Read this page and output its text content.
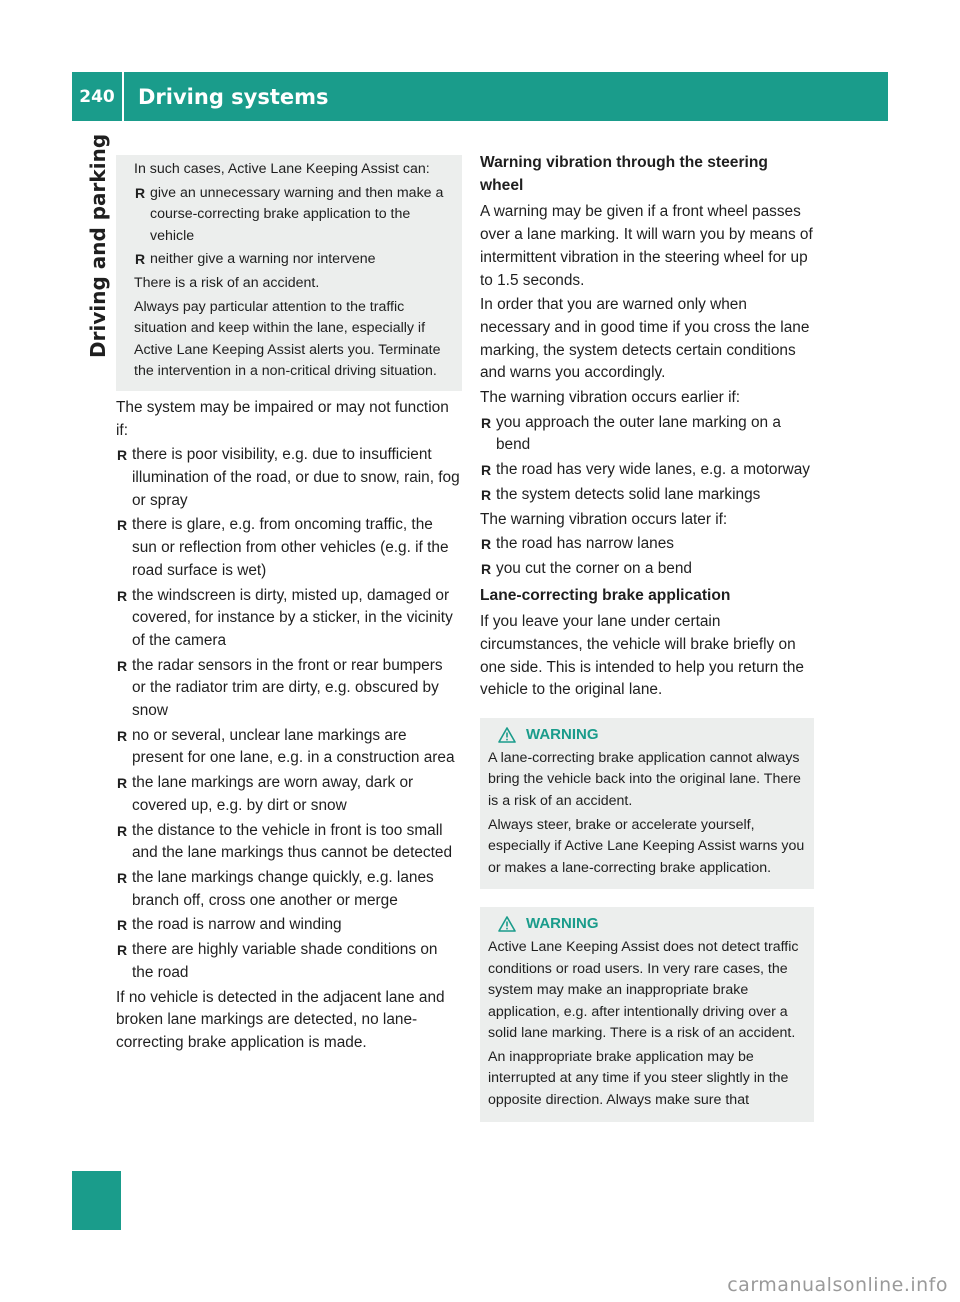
240	Driving systems
Driving and parking In such cases, Active Lane Keeping Assist can:

R give an unnecessary warning and then make a course-correcting brake application to the vehicle
R neither give a warning nor intervene

There is a risk of an accident.

Always pay particular attention to the traffic situation and keep within the lane, especially if Active Lane Keeping Assist alerts you. Terminate the intervention in a non-critical driving situation.

The system may be impaired or may not function if:

R there is poor visibility, e.g. due to insufficient illumination of the road, or due to snow, rain, fog or spray
R there is glare, e.g. from oncoming traffic, the sun or reflection from other vehicles (e.g. if the road surface is wet)
R the windscreen is dirty, misted up, damaged or covered, for instance by a sticker, in the vicinity of the camera
R the radar sensors in the front or rear bumpers or the radiator trim are dirty, e.g. obscured by snow
R no or several, unclear lane markings are present for one lane, e.g. in a construction area
R the lane markings are worn away, dark or covered up, e.g. by dirt or snow
R the distance to the vehicle in front is too small and the lane markings thus cannot be detected
R the lane markings change quickly, e.g. lanes branch off, cross one another or merge
R the road is narrow and winding
R there are highly variable shade conditions on the road

If no vehicle is detected in the adjacent lane and broken lane markings are detected, no lane-correcting brake application is made.

Warning vibration through the steering wheel

A warning may be given if a front wheel passes over a lane marking. It will warn you by means of intermittent vibration in the steering wheel for up to 1.5 seconds.

In order that you are warned only when necessary and in good time if you cross the lane marking, the system detects certain conditions and warns you accordingly.

The warning vibration occurs earlier if:

R you approach the outer lane marking on a bend
R the road has very wide lanes, e.g. a motorway
R the system detects solid lane markings

The warning vibration occurs later if:

R the road has narrow lanes
R you cut the corner on a bend

Lane-correcting brake application

If you leave your lane under certain circumstances, the vehicle will brake briefly on one side. This is intended to help you return the vehicle to the original lane.

WARNING

A lane-correcting brake application cannot always bring the vehicle back into the original lane. There is a risk of an accident.

Always steer, brake or accelerate yourself, especially if Active Lane Keeping Assist warns you or makes a lane-correcting brake application.

WARNING

Active Lane Keeping Assist does not detect traffic conditions or road users. In very rare cases, the system may make an inappropriate brake application, e.g. after intentionally driving over a solid lane marking. There is a risk of an accident.

An inappropriate brake application may be interrupted at any time if you steer slightly in the opposite direction. Always make sure that

carmanualsonline.info
